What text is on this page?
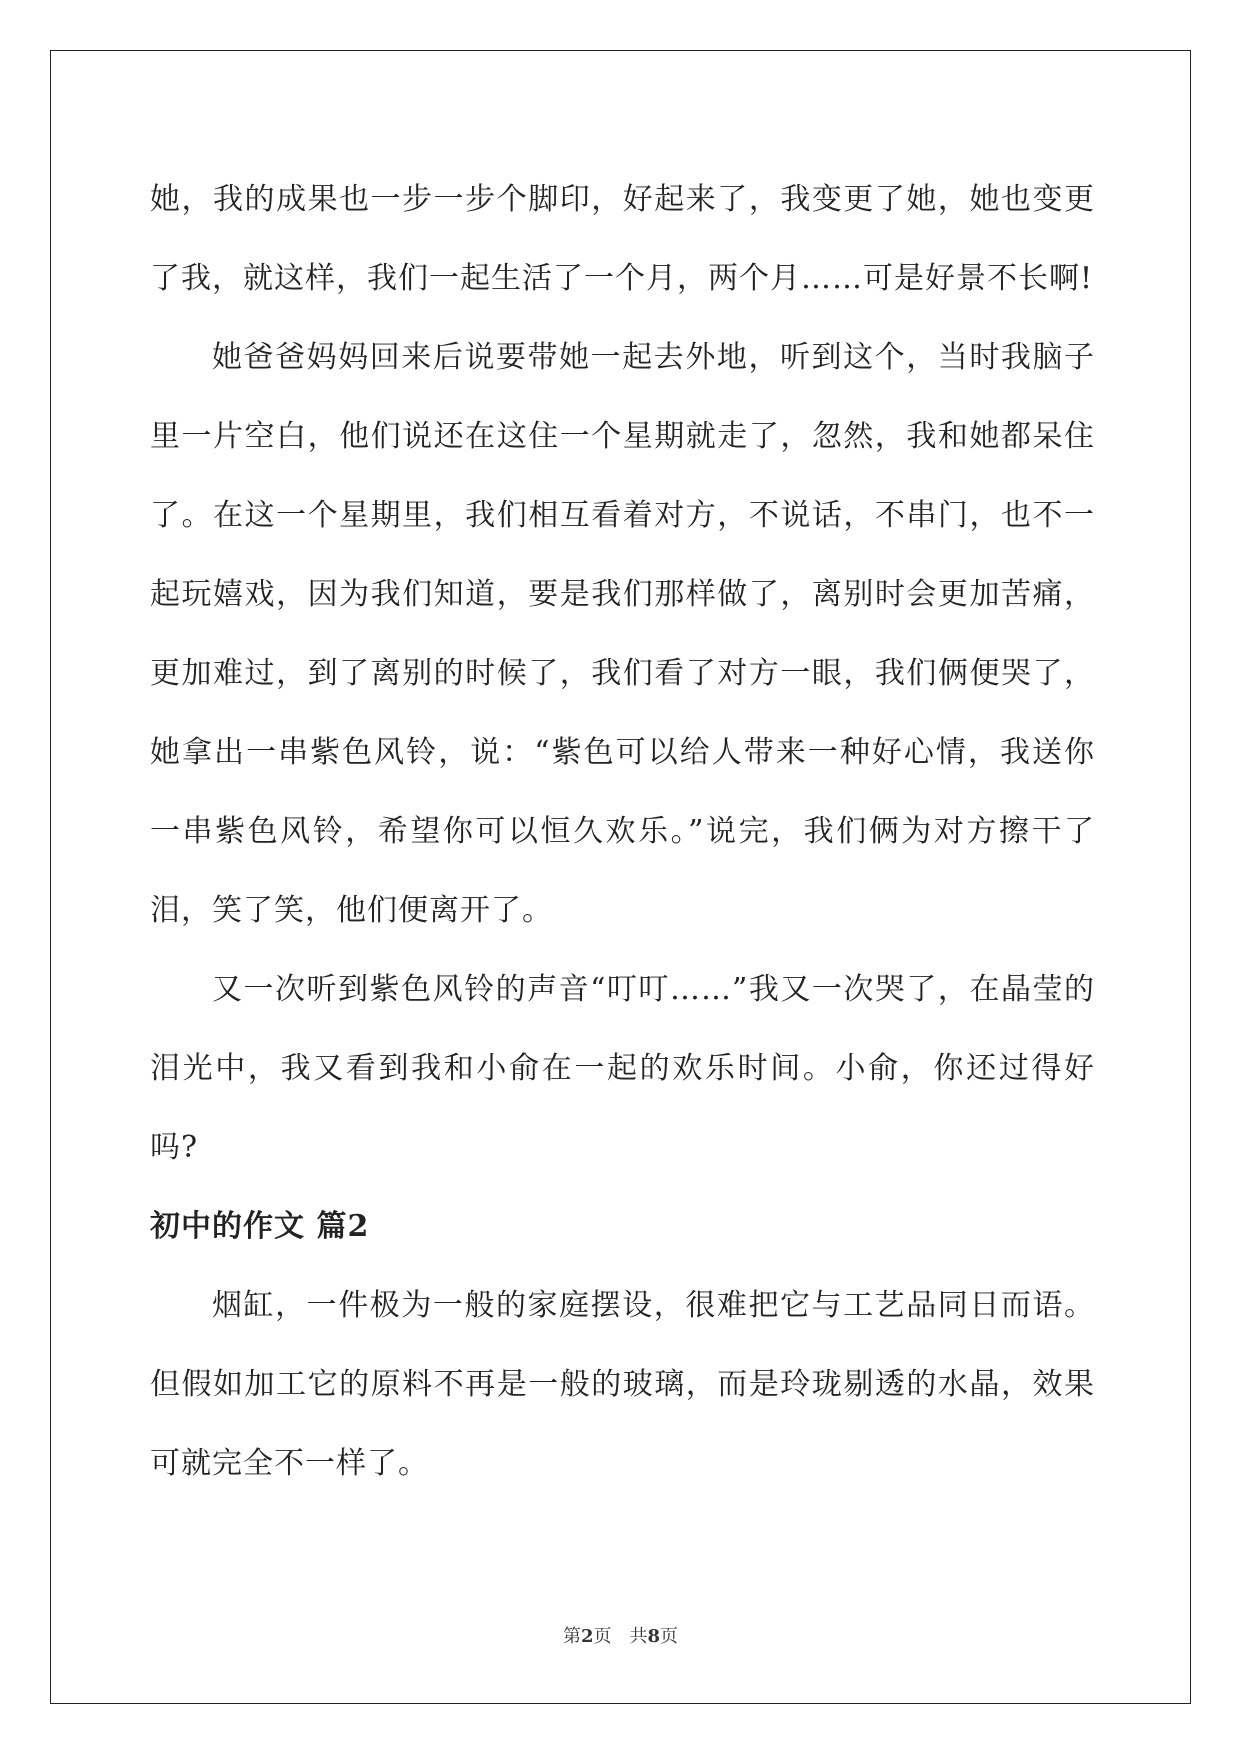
她，我的成果也一步一步个脚印，好起来了，我变更了她，她也变更了我，就这样，我们一起生活了一个月，两个月……可是好景不长啊!

她爸爸妈妈回来后说要带她一起去外地，听到这个，当时我脑子里一片空白，他们说还在这住一个星期就走了，忽然，我和她都呆住了。在这一个星期里，我们相互看着对方，不说话，不串门，也不一起玩嬉戏，因为我们知道，要是我们那样做了，离别时会更加苦痛，更加难过，到了离别的时候了，我们看了对方一眼，我们俩便哭了，她拿出一串紫色风铃，说：“紫色可以给人带来一种好心情，我送你一串紫色风铃，希望你可以恒久欢乐。”说完，我们俩为对方擦干了泪，笑了笑，他们便离开了。

又一次听到紫色风铃的声音“叮叮……”我又一次哭了，在晶莹的泪光中，我又看到我和小俞在一起的欢乐时间。小俞，你还过得好吗?

初中的作文 篇2

烟缸，一件极为一般的家庭摆设，很难把它与工艺品同日而语。但假如加工它的原料不再是一般的玻璃，而是玲珑剔透的水晶，效果可就完全不一样了。

第2页　共8页
